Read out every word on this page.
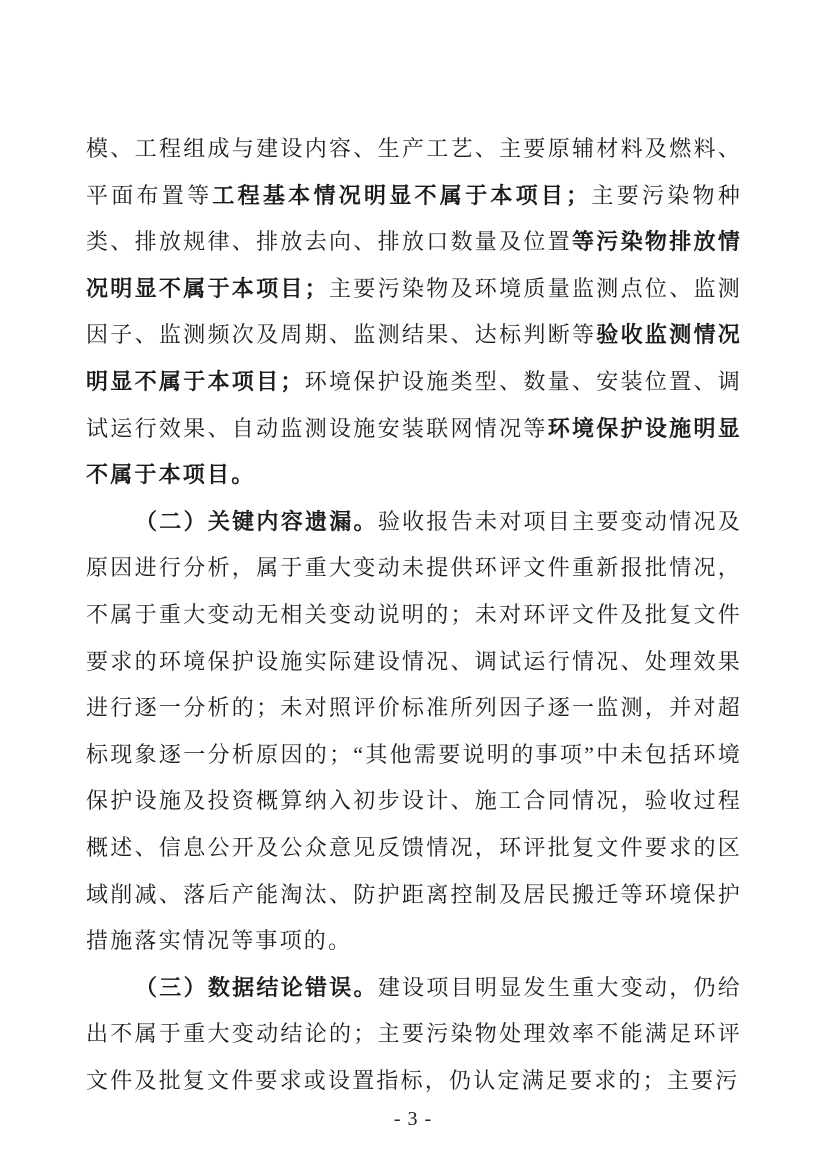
模、工程组成与建设内容、生产工艺、主要原辅材料及燃料、平面布置等工程基本情况明显不属于本项目；主要污染物种类、排放规律、排放去向、排放口数量及位置等污染物排放情况明显不属于本项目；主要污染物及环境质量监测点位、监测因子、监测频次及周期、监测结果、达标判断等验收监测情况明显不属于本项目；环境保护设施类型、数量、安装位置、调试运行效果、自动监测设施安装联网情况等环境保护设施明显不属于本项目。

（二）关键内容遗漏。验收报告未对项目主要变动情况及原因进行分析，属于重大变动未提供环评文件重新报批情况，不属于重大变动无相关变动说明的；未对环评文件及批复文件要求的环境保护设施实际建设情况、调试运行情况、处理效果进行逐一分析的；未对照评价标准所列因子逐一监测，并对超标现象逐一分析原因的；“其他需要说明的事项”中未包括环境保护设施及投资概算纳入初步设计、施工合同情况，验收过程概述、信息公开及公众意见反馈情况，环评批复文件要求的区域削减、落后产能淘汰、防护距离控制及居民搬迁等环境保护措施落实情况等事项的。

（三）数据结论错误。建设项目明显发生重大变动，仍给出不属于重大变动结论的；主要污染物处理效率不能满足环评文件及批复文件要求或设置指标，仍认定满足要求的；主要污

- 3 -
